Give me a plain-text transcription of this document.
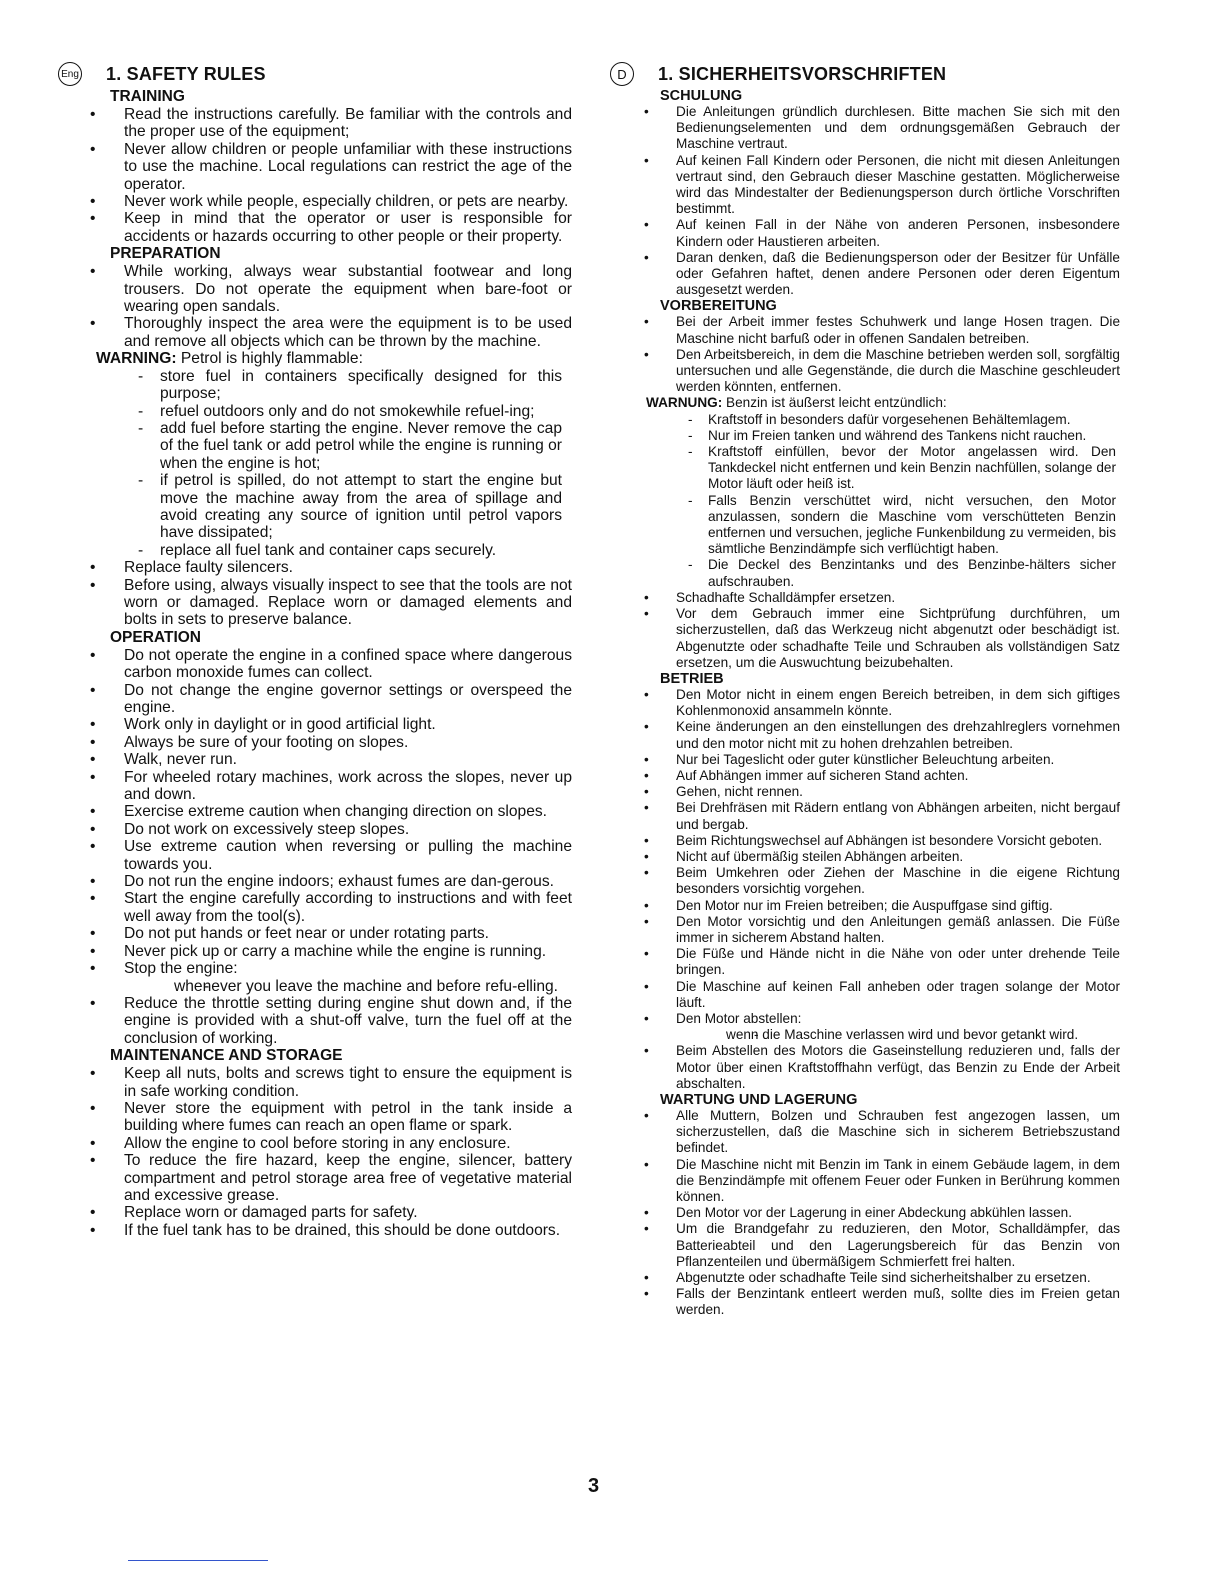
Eng 1. SAFETY RULES
TRAINING
• Read the instructions carefully. Be familiar with the controls and the proper use of the equipment;
• Never allow children or people unfamiliar with these instructions to use the machine. Local regulations can restrict the age of the operator.
• Never work while people, especially children, or pets are nearby.
• Keep in mind that the operator or user is responsible for accidents or hazards occurring to other people or their property.
PREPARATION
• While working, always wear substantial footwear and long trousers. Do not operate the equipment when bare-foot or wearing open sandals.
• Thoroughly inspect the area were the equipment is to be used and remove all objects which can be thrown by the machine.
WARNING: Petrol is highly flammable:
- store fuel in containers specifically designed for this purpose;
- refuel outdoors only and do not smokewhile refuel-ing;
- add fuel before starting the engine. Never remove the cap of the fuel tank or add petrol while the engine is running or when the engine is hot;
- if petrol is spilled, do not attempt to start the engine but move the machine away from the area of spillage and avoid creating any source of ignition until petrol vapors have dissipated;
- replace all fuel tank and container caps securely.
• Replace faulty silencers.
• Before using, always visually inspect to see that the tools are not worn or damaged. Replace worn or damaged elements and bolts in sets to preserve balance.
OPERATION
• Do not operate the engine in a confined space where dangerous carbon monoxide fumes can collect.
• Do not change the engine governor settings or overspeed the engine.
• Work only in daylight or in good artificial light.
• Always be sure of your footing on slopes.
• Walk, never run.
• For wheeled rotary machines, work across the slopes, never up and down.
• Exercise extreme caution when changing direction on slopes.
• Do not work on excessively steep slopes.
• Use extreme caution when reversing or pulling the machine towards you.
• Do not run the engine indoors; exhaust fumes are dan-gerous.
• Start the engine carefully according to instructions and with feet well away from the tool(s).
• Do not put hands or feet near or under rotating parts.
• Never pick up or carry a machine while the engine is running.
• Stop the engine:
- whenever you leave the machine and before refu-elling.
• Reduce the throttle setting during engine shut down and, if the engine is provided with a shut-off valve, turn the fuel off at the conclusion of working.
MAINTENANCE AND STORAGE
• Keep all nuts, bolts and screws tight to ensure the equipment is in safe working condition.
• Never store the equipment with petrol in the tank inside a building where fumes can reach an open flame or spark.
• Allow the engine to cool before storing in any enclosure.
• To reduce the fire hazard, keep the engine, silencer, battery compartment and petrol storage area free of vegetative material and excessive grease.
• Replace worn or damaged parts for safety.
• If the fuel tank has to be drained, this should be done outdoors.
D	1. SICHERHEITSVORSCHRIFTEN
SCHULUNG
• Die Anleitungen gründlich durchlesen. Bitte machen Sie sich mit den Bedienungselementen und dem ordnungsgemäßen Gebrauch der Maschine vertraut.
• Auf keinen Fall Kindern oder Personen, die nicht mit diesen Anleitungen vertraut sind, den Gebrauch dieser Maschine gestatten. Möglicherweise wird das Mindestalter der Bedienungsperson durch örtliche Vorschriften bestimmt.
• Auf keinen Fall in der Nähe von anderen Personen, insbesondere Kindern oder Haustieren arbeiten.
• Daran denken, daß die Bedienungsperson oder der Besitzer für Unfälle oder Gefahren haftet, denen andere Personen oder deren Eigentum ausgesetzt werden.
VORBEREITUNG
• Bei der Arbeit immer festes Schuhwerk und lange Hosen tragen. Die Maschine nicht barfuß oder in offenen Sandalen betreiben.
• Den Arbeitsbereich, in dem die Maschine betrieben werden soll, sorgfältig untersuchen und alle Gegenstände, die durch die Maschine geschleudert werden könnten, entfernen.
WARNUNG: Benzin ist äußerst leicht entzündlich:
- Kraftstoff in besonders dafür vorgesehenen Behältemlagem.
- Nur im Freien tanken und während des Tankens nicht rauchen.
- Kraftstoff einfüllen, bevor der Motor angelassen wird. Den Tankdeckel nicht entfernen und kein Benzin nachfüllen, solange der Motor läuft oder heiß ist.
- Falls Benzin verschüttet wird, nicht versuchen, den Motor anzulassen, sondern die Maschine vom verschütteten Benzin entfernen und versuchen, jegliche Funkenbildung zu vermeiden, bis sämtliche Benzindämpfe sich verflüchtigt haben.
- Die Deckel des Benzintanks und des Benzinbe-hälters sicher aufschrauben.
• Schadhafte Schalldämpfer ersetzen.
• Vor dem Gebrauch immer eine Sichtprüfung durchführen, um sicherzustellen, daß das Werkzeug nicht abgenutzt oder beschädigt ist. Abgenutzte oder schadhafte Teile und Schrauben als vollständigen Satz ersetzen, um die Auswuchtung beizubehalten.
BETRIEB
• Den Motor nicht in einem engen Bereich betreiben, in dem sich giftiges Kohlenmonoxid ansammeln könnte.
• Keine änderungen an den einstellungen des drehzahlreglers vornehmen und den motor nicht mit zu hohen drehzahlen betreiben.
• Nur bei Tageslicht oder guter künstlicher Beleuchtung arbeiten.
• Auf Abhängen immer auf sicheren Stand achten.
• Gehen, nicht rennen.
• Bei Drehfräsen mit Rädern entlang von Abhängen arbeiten, nicht bergauf und bergab.
• Beim Richtungswechsel auf Abhängen ist besondere Vorsicht geboten.
• Nicht auf übermäßig steilen Abhängen arbeiten.
• Beim Umkehren oder Ziehen der Maschine in die eigene Richtung besonders vorsichtig vorgehen.
• Den Motor nur im Freien betreiben; die Auspuffgase sind giftig.
• Den Motor vorsichtig und den Anleitungen gemäß anlassen. Die Füße immer in sicherem Abstand halten.
• Die Füße und Hände nicht in die Nähe von oder unter drehende Teile bringen.
• Die Maschine auf keinen Fall anheben oder tragen solange der Motor läuft.
• Den Motor abstellen:
- wenn die Maschine verlassen wird und bevor getankt wird.
• Beim Abstellen des Motors die Gaseinstellung reduzieren und, falls der Motor über einen Kraftstoffhahn verfügt, das Benzin zu Ende der Arbeit abschalten.
WARTUNG UND LAGERUNG
• Alle Muttern, Bolzen und Schrauben fest angezogen lassen, um sicherzustellen, daß die Maschine sich in sicherem Betriebszustand befindet.
• Die Maschine nicht mit Benzin im Tank in einem Gebäude lagem, in dem die Benzindämpfe mit offenem Feuer oder Funken in Berührung kommen können.
• Den Motor vor der Lagerung in einer Abdeckung abkühlen lassen.
• Um die Brandgefahr zu reduzieren, den Motor, Schalldämpfer, das Batterieabteil und den Lagerungsbereich für das Benzin von Pflanzenteilen und übermäßigem Schmierfett frei halten.
• Abgenutzte oder schadhafte Teile sind sicherheitshalber zu ersetzen.
• Falls der Benzintank entleert werden muß, sollte dies im Freien getan werden.
3
